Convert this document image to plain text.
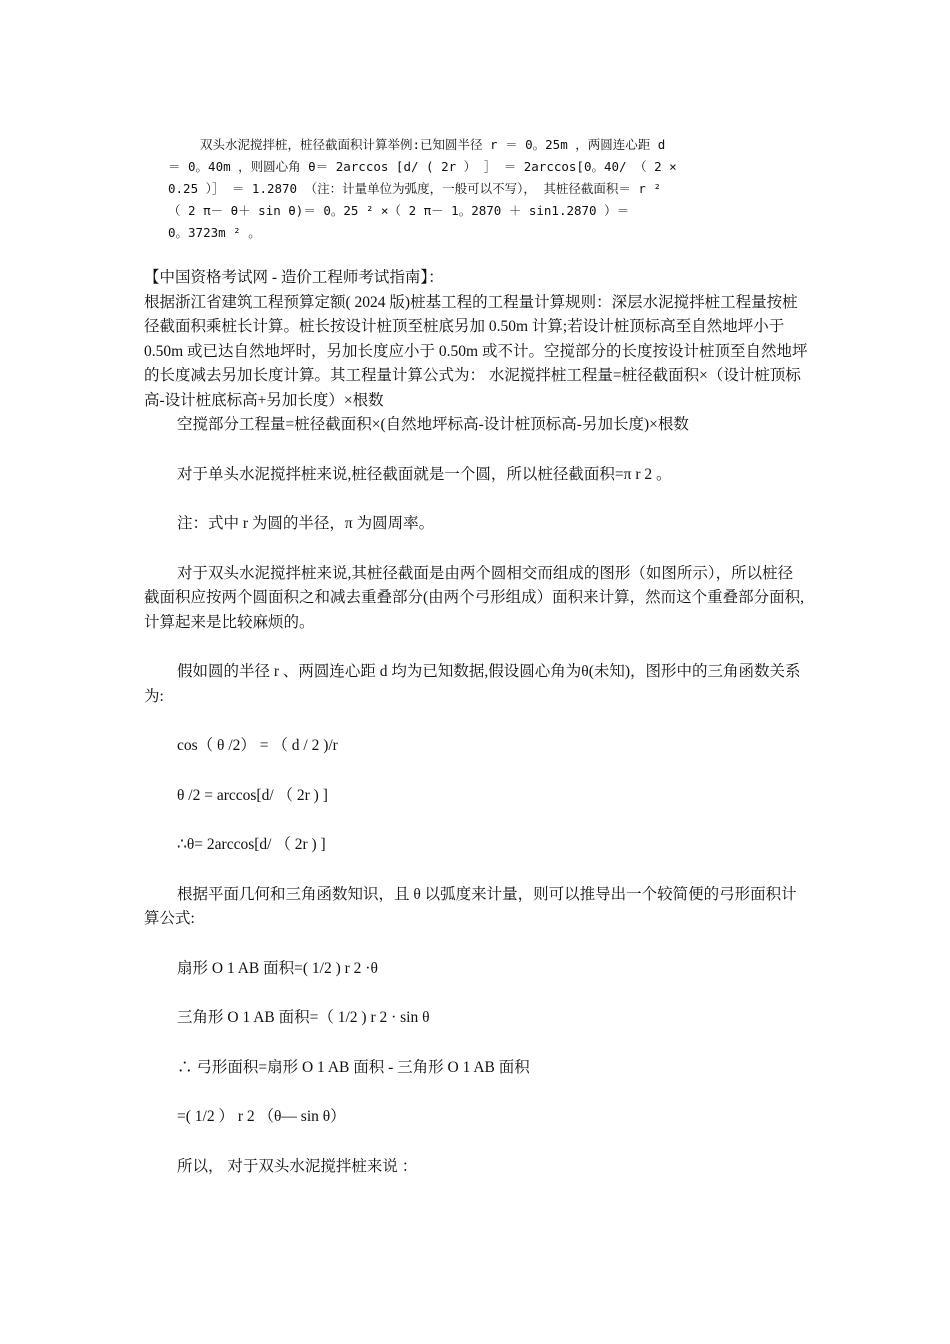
双头水泥搅拌桩，桩径截面积计算举例:已知圆半径 r ＝ 0。25m ，两圆连心距 d
＝ 0。40m ，则圆心角 θ＝ 2arccos [d/ ( 2r ） ］ ＝ 2arccos[0。40/ （ 2 ×
0.25 ）］ ＝ 1.2870 （注：计量单位为弧度，一般可以不写）， 其桩径截面积＝ r ²
（ 2 π－ θ＋ sin θ)＝ 0。25 ² ×（ 2 π－ 1。2870 ＋ sin1.2870 ）＝
0。3723m ² 。

【中国资格考试网 - 造价工程师考试指南】：

根据浙江省建筑工程预算定额( 2024 版)桩基工程的工程量计算规则：深层水泥搅拌桩工程量按桩径截面积乘桩长计算。桩长按设计桩顶至桩底另加 0.50m 计算;若设计桩顶标高至自然地坪小于 0.50m 或已达自然地坪时，另加长度应小于 0.50m 或不计。空搅部分的长度按设计桩顶至自然地坪的长度减去另加长度计算。其工程量计算公式为： 水泥搅拌桩工程量=桩径截面积×（设计桩顶标高-设计桩底标高+另加长度）×根数

空搅部分工程量=桩径截面积×(自然地坪标高-设计桩顶标高-另加长度)×根数

对于单头水泥搅拌桩来说,桩径截面就是一个圆，所以桩径截面积=π r 2 。

注：式中 r 为圆的半径，π 为圆周率。

对于双头水泥搅拌桩来说,其桩径截面是由两个圆相交而组成的图形（如图所示），所以桩径截面积应按两个圆面积之和减去重叠部分(由两个弓形组成）面积来计算，然而这个重叠部分面积,计算起来是比较麻烦的。

假如圆的半径 r 、两圆连心距 d 均为已知数据,假设圆心角为θ(未知)，图形中的三角函数关系为:

cos（ θ /2） = （ d / 2 )/r

θ /2 = arccos[d/ （ 2r ) ]

∴θ= 2arccos[d/ （ 2r ) ]

根据平面几何和三角函数知识，且 θ 以弧度来计量，则可以推导出一个较简便的弓形面积计算公式:

扇形 O 1 AB 面积=( 1/2 ) r 2 ·θ

三角形 O 1 AB 面积=（ 1/2 ) r 2 · sin θ

∴ 弓形面积=扇形 O 1 AB 面积 - 三角形 O 1 AB 面积

=( 1/2 ） r 2 （θ— sin θ）

所以， 对于双头水泥搅拌桩来说 ：
